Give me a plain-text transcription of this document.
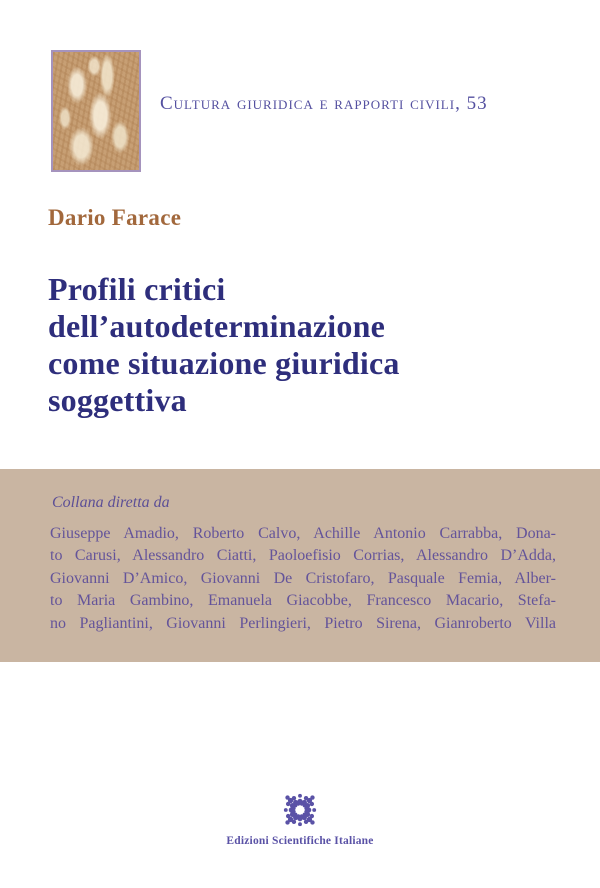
Cultura giuridica e rapporti civili, 53
Dario Farace
Profili critici
dell’autodeterminazione
come situazione giuridica
soggettiva

Collana diretta da

Giuseppe Amadio, Roberto Calvo, Achille Antonio Carrabba, Dona-
to Carusi, Alessandro Ciatti, Paoloefisio Corrias, Alessandro D’Adda,
Giovanni D’Amico, Giovanni De Cristofaro, Pasquale Femia, Alber-
to Maria Gambino, Emanuela Giacobbe, Francesco Macario, Stefa-
no Pagliantini, Giovanni Perlingieri, Pietro Sirena, Gianroberto Villa
Edizioni Scientifiche Italiane
